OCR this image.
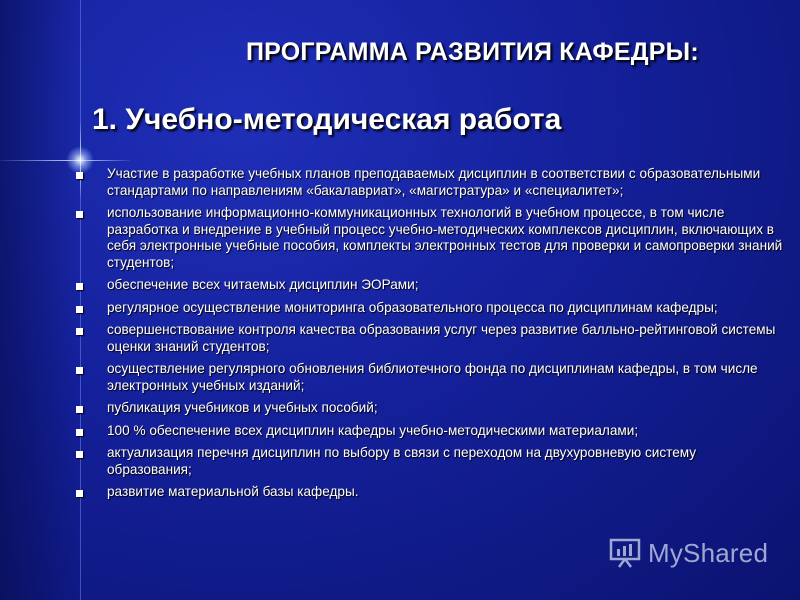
ПРОГРАММА РАЗВИТИЯ КАФЕДРЫ:
1. Учебно-методическая работа
Участие в разработке учебных планов преподаваемых дисциплин в соответствии с образовательными стандартами по направлениям «бакалавриат», «магистратура» и «специалитет»;
использование информационно-коммуникационных технологий в учебном процессе, в том числе разработка и внедрение в учебный процесс учебно-методических комплексов дисциплин, включающих в себя электронные учебные пособия, комплекты электронных тестов для проверки и самопроверки знаний студентов;
обеспечение всех читаемых дисциплин ЭОРами;
регулярное осуществление мониторинга образовательного процесса по дисциплинам кафедры;
совершенствование контроля качества образования услуг через развитие балльно-рейтинговой системы оценки знаний студентов;
осуществление регулярного обновления библиотечного фонда по дисциплинам кафедры, в том числе электронных учебных изданий;
публикация учебников и учебных пособий;
100 % обеспечение всех дисциплин кафедры учебно-методическими материалами;
актуализация перечня дисциплин по выбору в связи с переходом на двухуровневую систему образования;
развитие материальной базы кафедры.
MyShared
